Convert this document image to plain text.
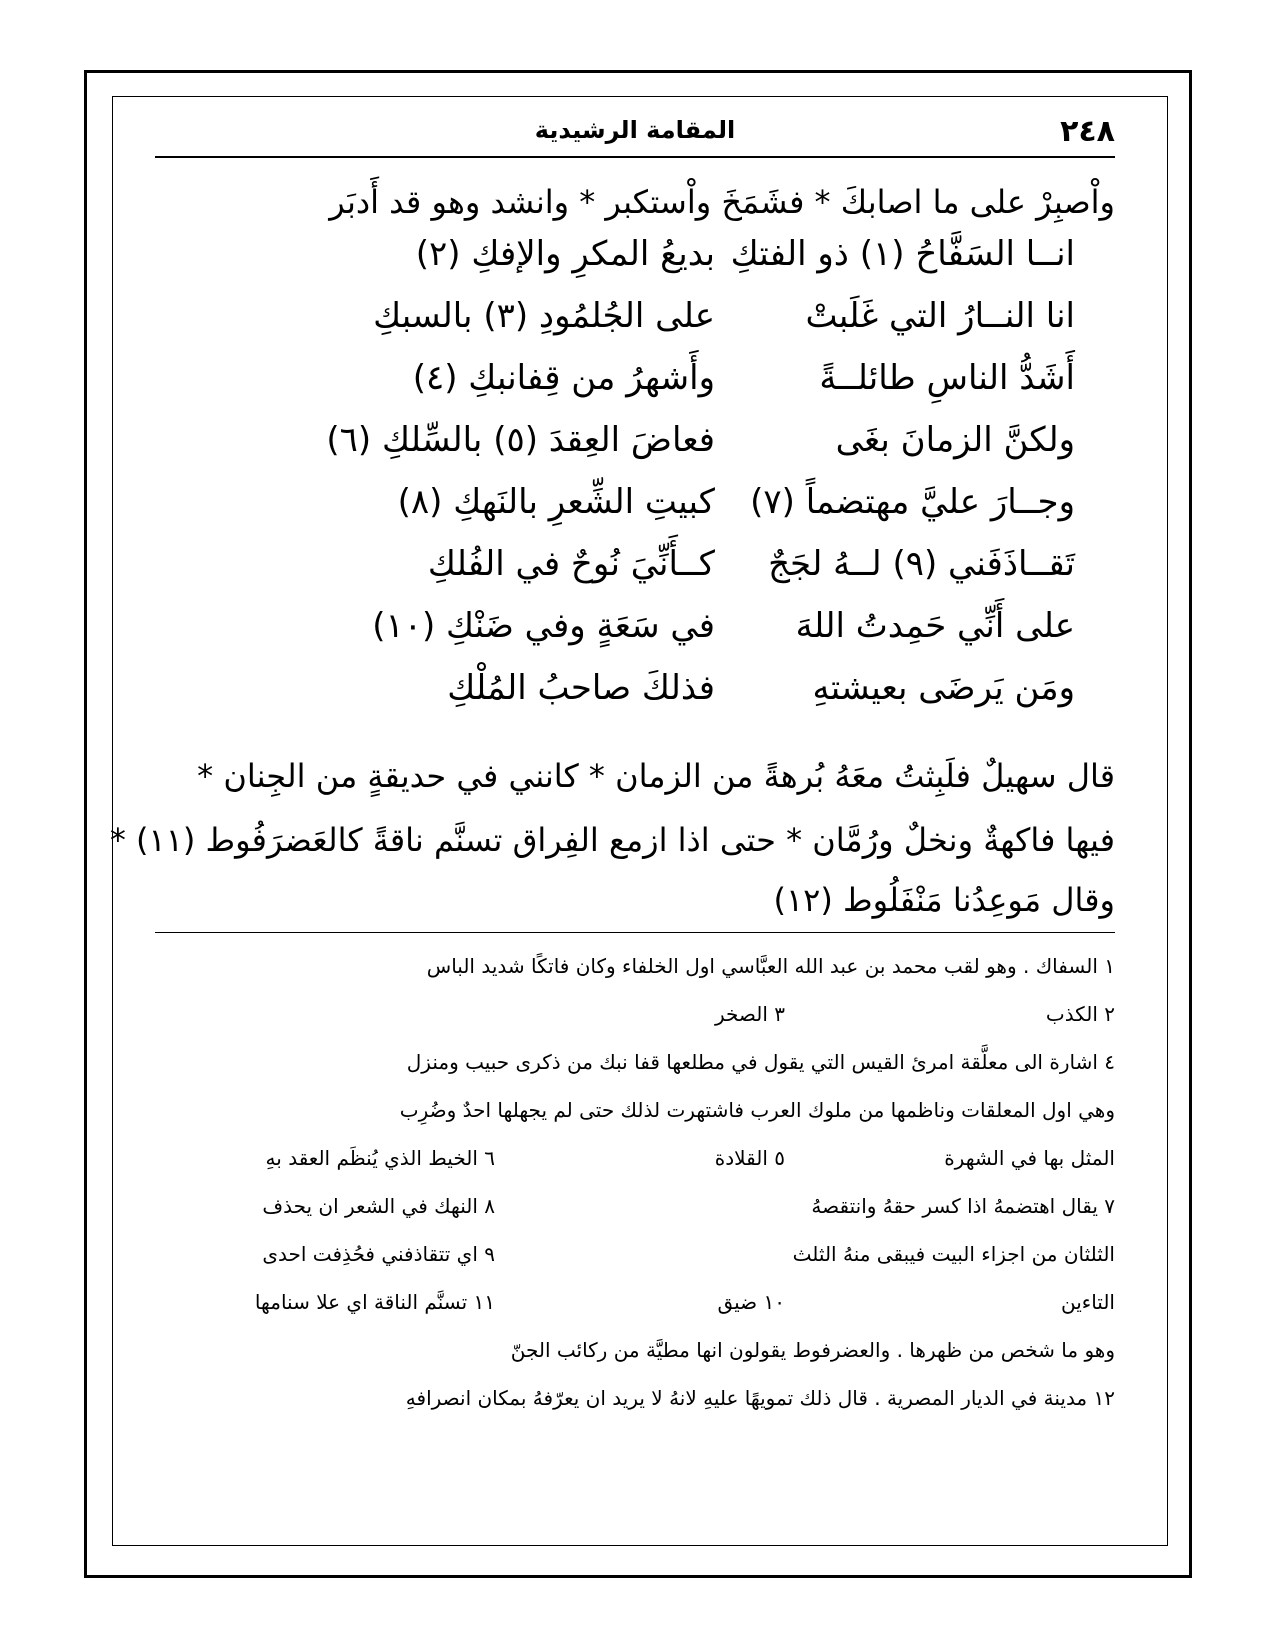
٢٤٨
المقامة الرشيدية
واْصبِرْ على ما اصابكَ * فشَمَخَ واْستكبر * وانشد وهو قد أَدبَر
انــا السَفَّاحُ (١) ذو الفتكِ
بديعُ المكرِ والإفكِ (٢)
انا النــارُ التي غَلَبتْ
على الجُلمُودِ (٣) بالسبكِ
أَشَدُّ الناسِ طائلــةً
وأَشهرُ من قِفانبكِ (٤)
ولكنَّ الزمانَ بغَى
فعاضَ العِقدَ (٥) بالسِّلكِ (٦)
وجــارَ عليَّ مهتضماً (٧)
كبيتِ الشِّعرِ بالنَهكِ (٨)
تَقــاذَفَني (٩) لــهُ لجَجٌ
كــأَنِّيَ نُوحٌ في الفُلكِ
على أَنِّي حَمِدتُ اللهَ
في سَعَةٍ وفي ضَنْكِ (١٠)
ومَن يَرضَى بعيشتهِ
فذلكَ صاحبُ المُلْكِ
قال سهيلٌ فلَبِثتُ معَهُ بُرهةً من الزمان * كانني في حديقةٍ من الجِنان *
فيها فاكهةٌ ونخلٌ ورُمَّان * حتى اذا ازمع الفِراق تسنَّم ناقةً كالعَضرَفُوط (١١) *
وقال مَوعِدُنا مَنْفَلُوط (١٢)
١ السفاك . وهو لقب محمد بن عبد الله العبَّاسي اول الخلفاء وكان فاتكًا شديد الباس
٢ الكذب
٣ الصخر
٤ اشارة الى معلَّقة امرئ القيس التي يقول في مطلعها قفا نبك من ذكرى حبيب ومنزل
وهي اول المعلقات وناظمها من ملوك العرب فاشتهرت لذلك حتى لم يجهلها احدٌ وضُرِب
المثل بها في الشهرة
٥ القلادة
٦ الخيط الذي يُنظَم العقد بهِ
٧ يقال اهتضمهُ اذا كسر حقهُ وانتقصهُ
٨ النهك في الشعر ان يحذف
الثلثان من اجزاء البيت فيبقى منهُ الثلث
٩ اي تتقاذفني فحُذِفت احدى
التاءين
١٠ ضيق
١١ تسنَّم الناقة اي علا سنامها
وهو ما شخص من ظهرها . والعضرفوط يقولون انها مطيَّة من ركائب الجنّ
١٢ مدينة في الديار المصرية . قال ذلك تمويهًا عليهِ لانهُ لا يريد ان يعرّفهُ بمكان انصرافهِ
